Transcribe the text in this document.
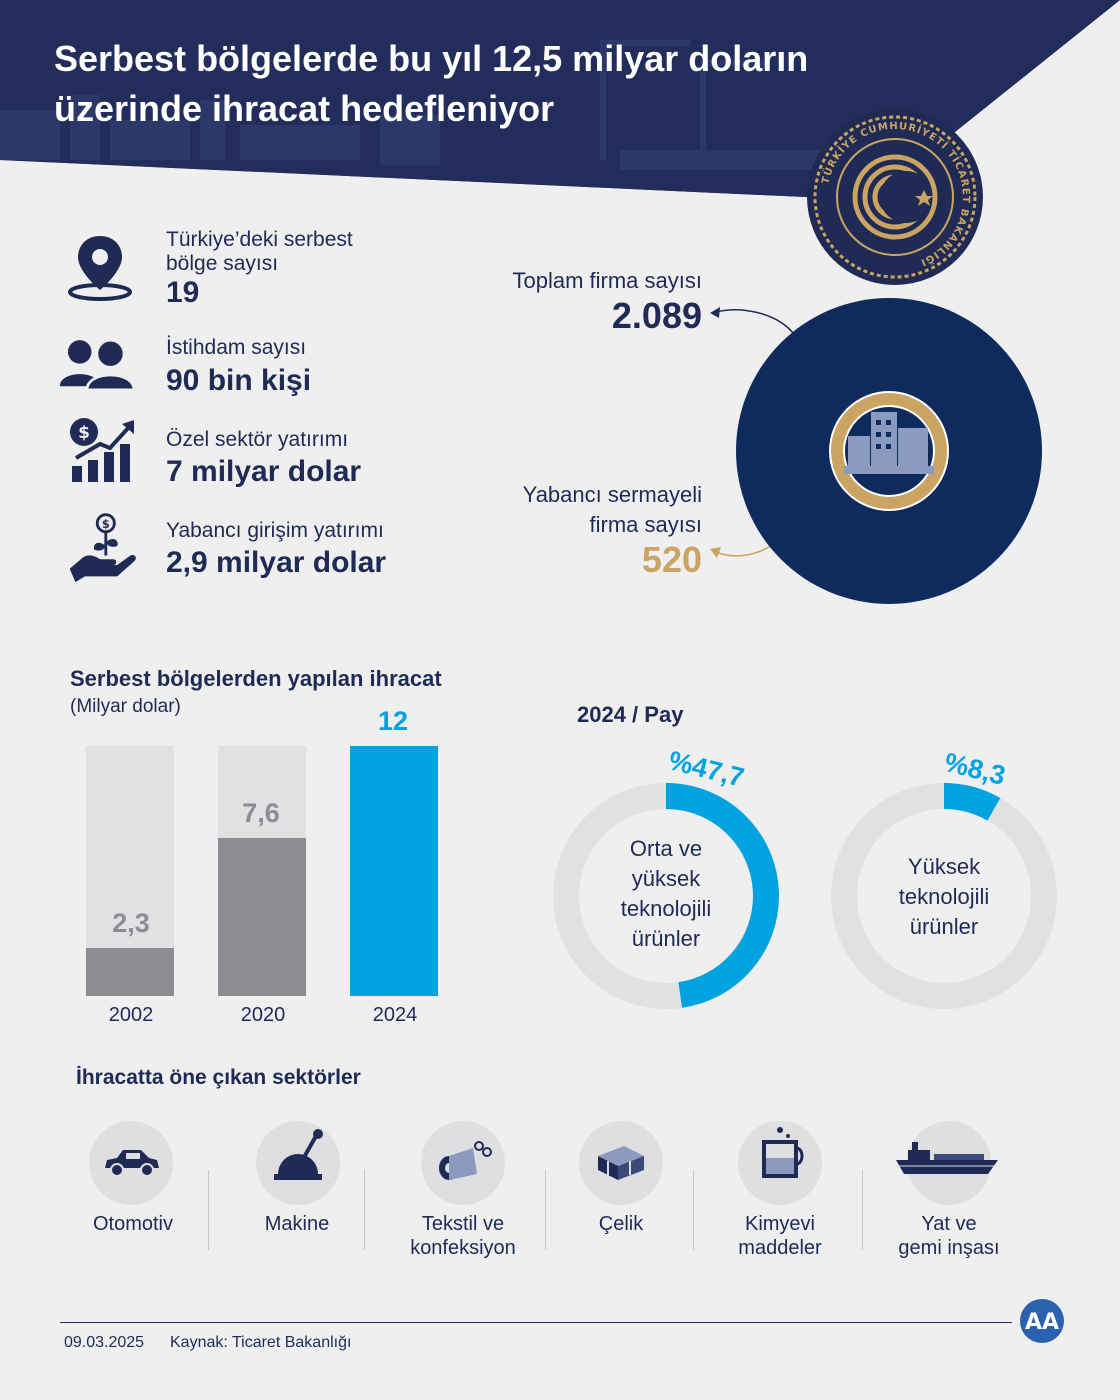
Serbest bölgelerde bu yıl 12,5 milyar doların üzerinde ihracat hedefleniyor
TÜRKİYE CUMHURİYETİ TİCARET BAKANLIĞI
Türkiye’deki serbest bölge sayısı
19
İstihdam sayısı
90 bin kişi
$	Özel sektör yatırımı
7 milyar dolar
$	Yabancı girişim yatırımı
2,9 milyar dolar
Toplam firma sayısı
2.089
Yabancı sermayeli
firma sayısı
520
Serbest bölgelerden yapılan ihracat
(Milyar dolar)
2,3
7,6
12
2002	2020	2024
2024 / Pay
%47,7
Orta ve
yüksek
teknolojili
ürünler
%8,3
Yüksek
teknolojili
ürünler
İhracatta öne çıkan sektörler
Otomotiv	Makine	Tekstil ve
konfeksiyon
Çelik	Kimyevi
maddeler
Yat ve
gemi inşası
09.03.2025 Kaynak: Ticaret Bakanlığı
AA
